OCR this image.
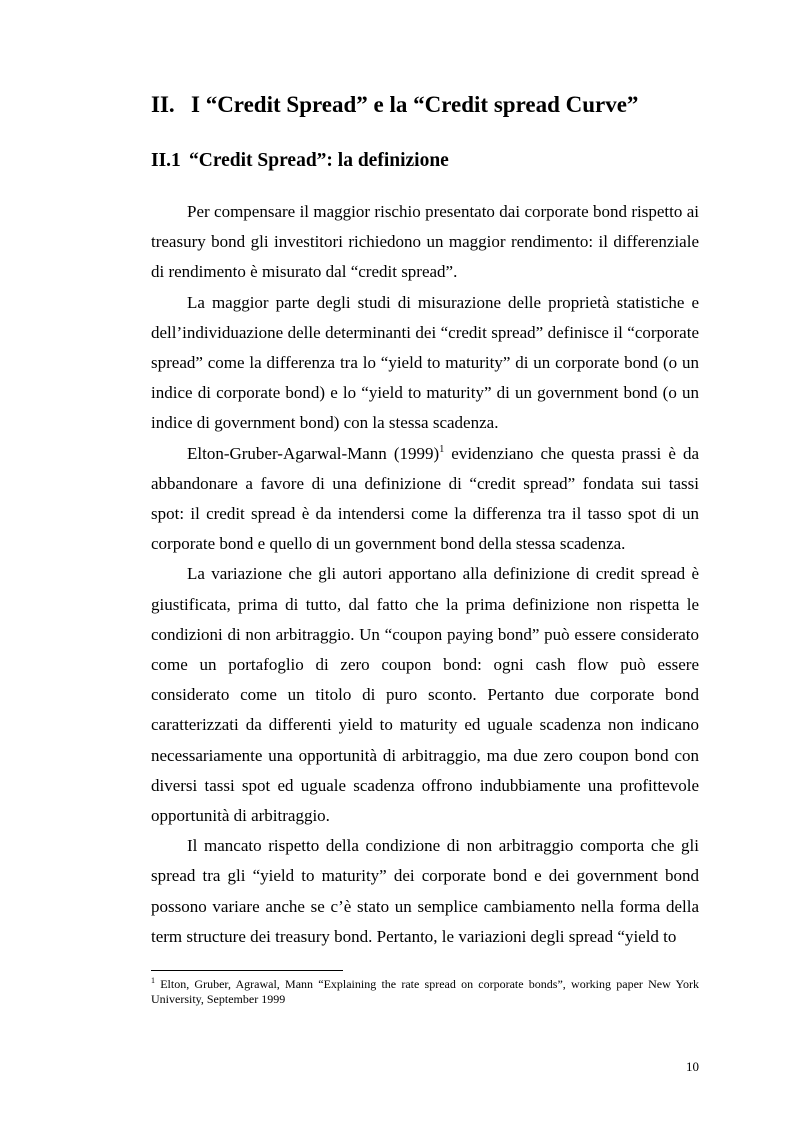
II. I “Credit Spread” e la “Credit spread Curve”
II.1 “Credit Spread”: la definizione

Per compensare il maggior rischio presentato dai corporate bond rispetto ai treasury bond gli investitori richiedono un maggior rendimento: il differenziale di rendimento è misurato dal “credit spread”.

La maggior parte degli studi di misurazione delle proprietà statistiche e dell’individuazione delle determinanti dei “credit spread” definisce il “corporate spread” come la differenza tra lo “yield to maturity” di un corporate bond (o un indice di corporate bond) e lo “yield to maturity” di un government bond (o un indice di government bond) con la stessa scadenza.

Elton-Gruber-Agarwal-Mann $(1999)^1$ evidenziano che questa prassi è da abbandonare a favore di una definizione di “credit spread” fondata sui tassi spot: il credit spread è da intendersi come la differenza tra il tasso spot di un corporate bond e quello di un government bond della stessa scadenza.

La variazione che gli autori apportano alla definizione di credit spread è giustificata, prima di tutto, dal fatto che la prima definizione non rispetta le condizioni di non arbitraggio. Un “coupon paying bond” può essere considerato come un portafoglio di zero coupon bond: ogni cash flow può essere considerato come un titolo di puro sconto. Pertanto due corporate bond caratterizzati da differenti yield to maturity ed uguale scadenza non indicano necessariamente una opportunità di arbitraggio, ma due zero coupon bond con diversi tassi spot ed uguale scadenza offrono indubbiamente una profittevole opportunità di arbitraggio.

Il mancato rispetto della condizione di non arbitraggio comporta che gli spread tra gli “yield to maturity” dei corporate bond e dei government bond possono variare anche se c’è stato un semplice cambiamento nella forma della term structure dei treasury bond. Pertanto, le variazioni degli spread “yield to

$^1$ Elton, Gruber, Agrawal, Mann “Explaining the rate spread on corporate bonds”, working paper New York University, September 1999

10
